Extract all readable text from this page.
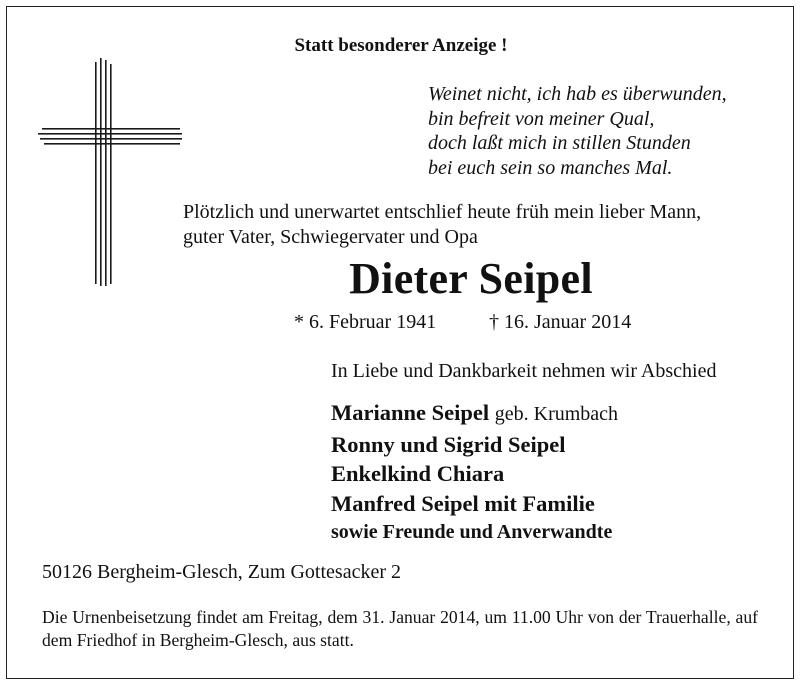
Statt besonderer Anzeige !
Weinet nicht, ich hab es überwunden,
bin befreit von meiner Qual,
doch laßt mich in stillen Stunden
bei euch sein so manches Mal.
Plötzlich und unerwartet entschlief heute früh mein lieber Mann,
guter Vater, Schwiegervater und Opa
Dieter Seipel
* 6. Februar 1941	† 16. Januar 2014
In Liebe und Dankbarkeit nehmen wir Abschied
Marianne Seipel geb. Krumbach
Ronny und Sigrid Seipel
Enkelkind Chiara
Manfred Seipel mit Familie
sowie Freunde und Anverwandte
50126 Bergheim-Glesch, Zum Gottesacker 2
Die Urnenbeisetzung findet am Freitag, dem 31. Januar 2014, um 11.00 Uhr von der Trauerhalle, auf dem Friedhof in Bergheim-Glesch, aus statt.
